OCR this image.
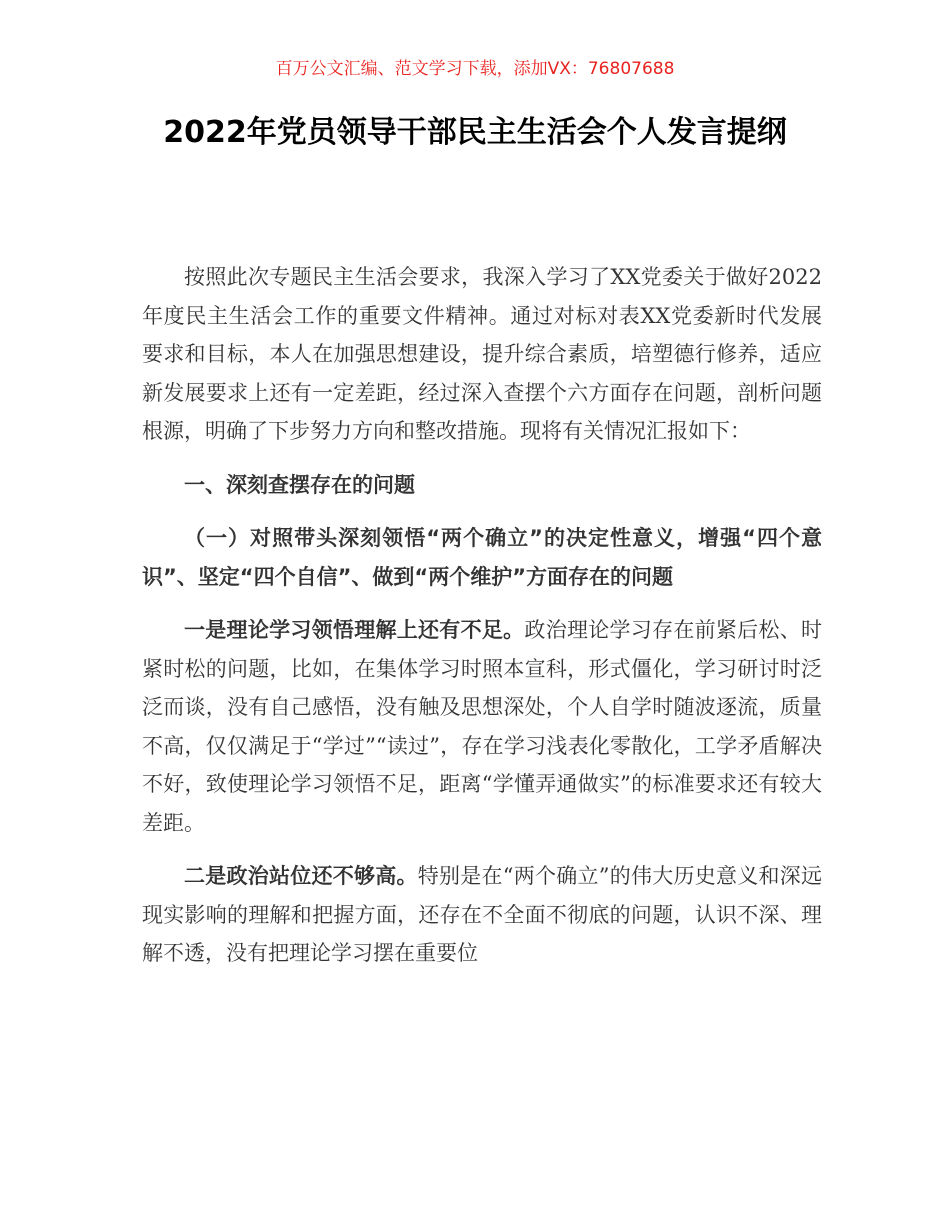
百万公文汇编、范文学习下载，添加VX：76807688
2022年党员领导干部民主生活会个人发言提纲

按照此次专题民主生活会要求，我深入学习了XX党委关于做好2022年度民主生活会工作的重要文件精神。通过对标对表XX党委新时代发展要求和目标，本人在加强思想建设，提升综合素质，培塑德行修养，适应新发展要求上还有一定差距，经过深入查摆个六方面存在问题，剖析问题根源，明确了下步努力方向和整改措施。现将有关情况汇报如下：

一、深刻查摆存在的问题

（一）对照带头深刻领悟“两个确立”的决定性意义，增强“四个意识”、坚定“四个自信”、做到“两个维护”方面存在的问题

一是理论学习领悟理解上还有不足。政治理论学习存在前紧后松、时紧时松的问题，比如，在集体学习时照本宣科，形式僵化，学习研讨时泛泛而谈，没有自己感悟，没有触及思想深处，个人自学时随波逐流，质量不高，仅仅满足于“学过”“读过”，存在学习浅表化零散化，工学矛盾解决不好，致使理论学习领悟不足，距离“学懂弄通做实”的标准要求还有较大差距。

二是政治站位还不够高。特别是在“两个确立”的伟大历史意义和深远现实影响的理解和把握方面，还存在不全面不彻底的问题，认识不深、理解不透，没有把理论学习摆在重要位
